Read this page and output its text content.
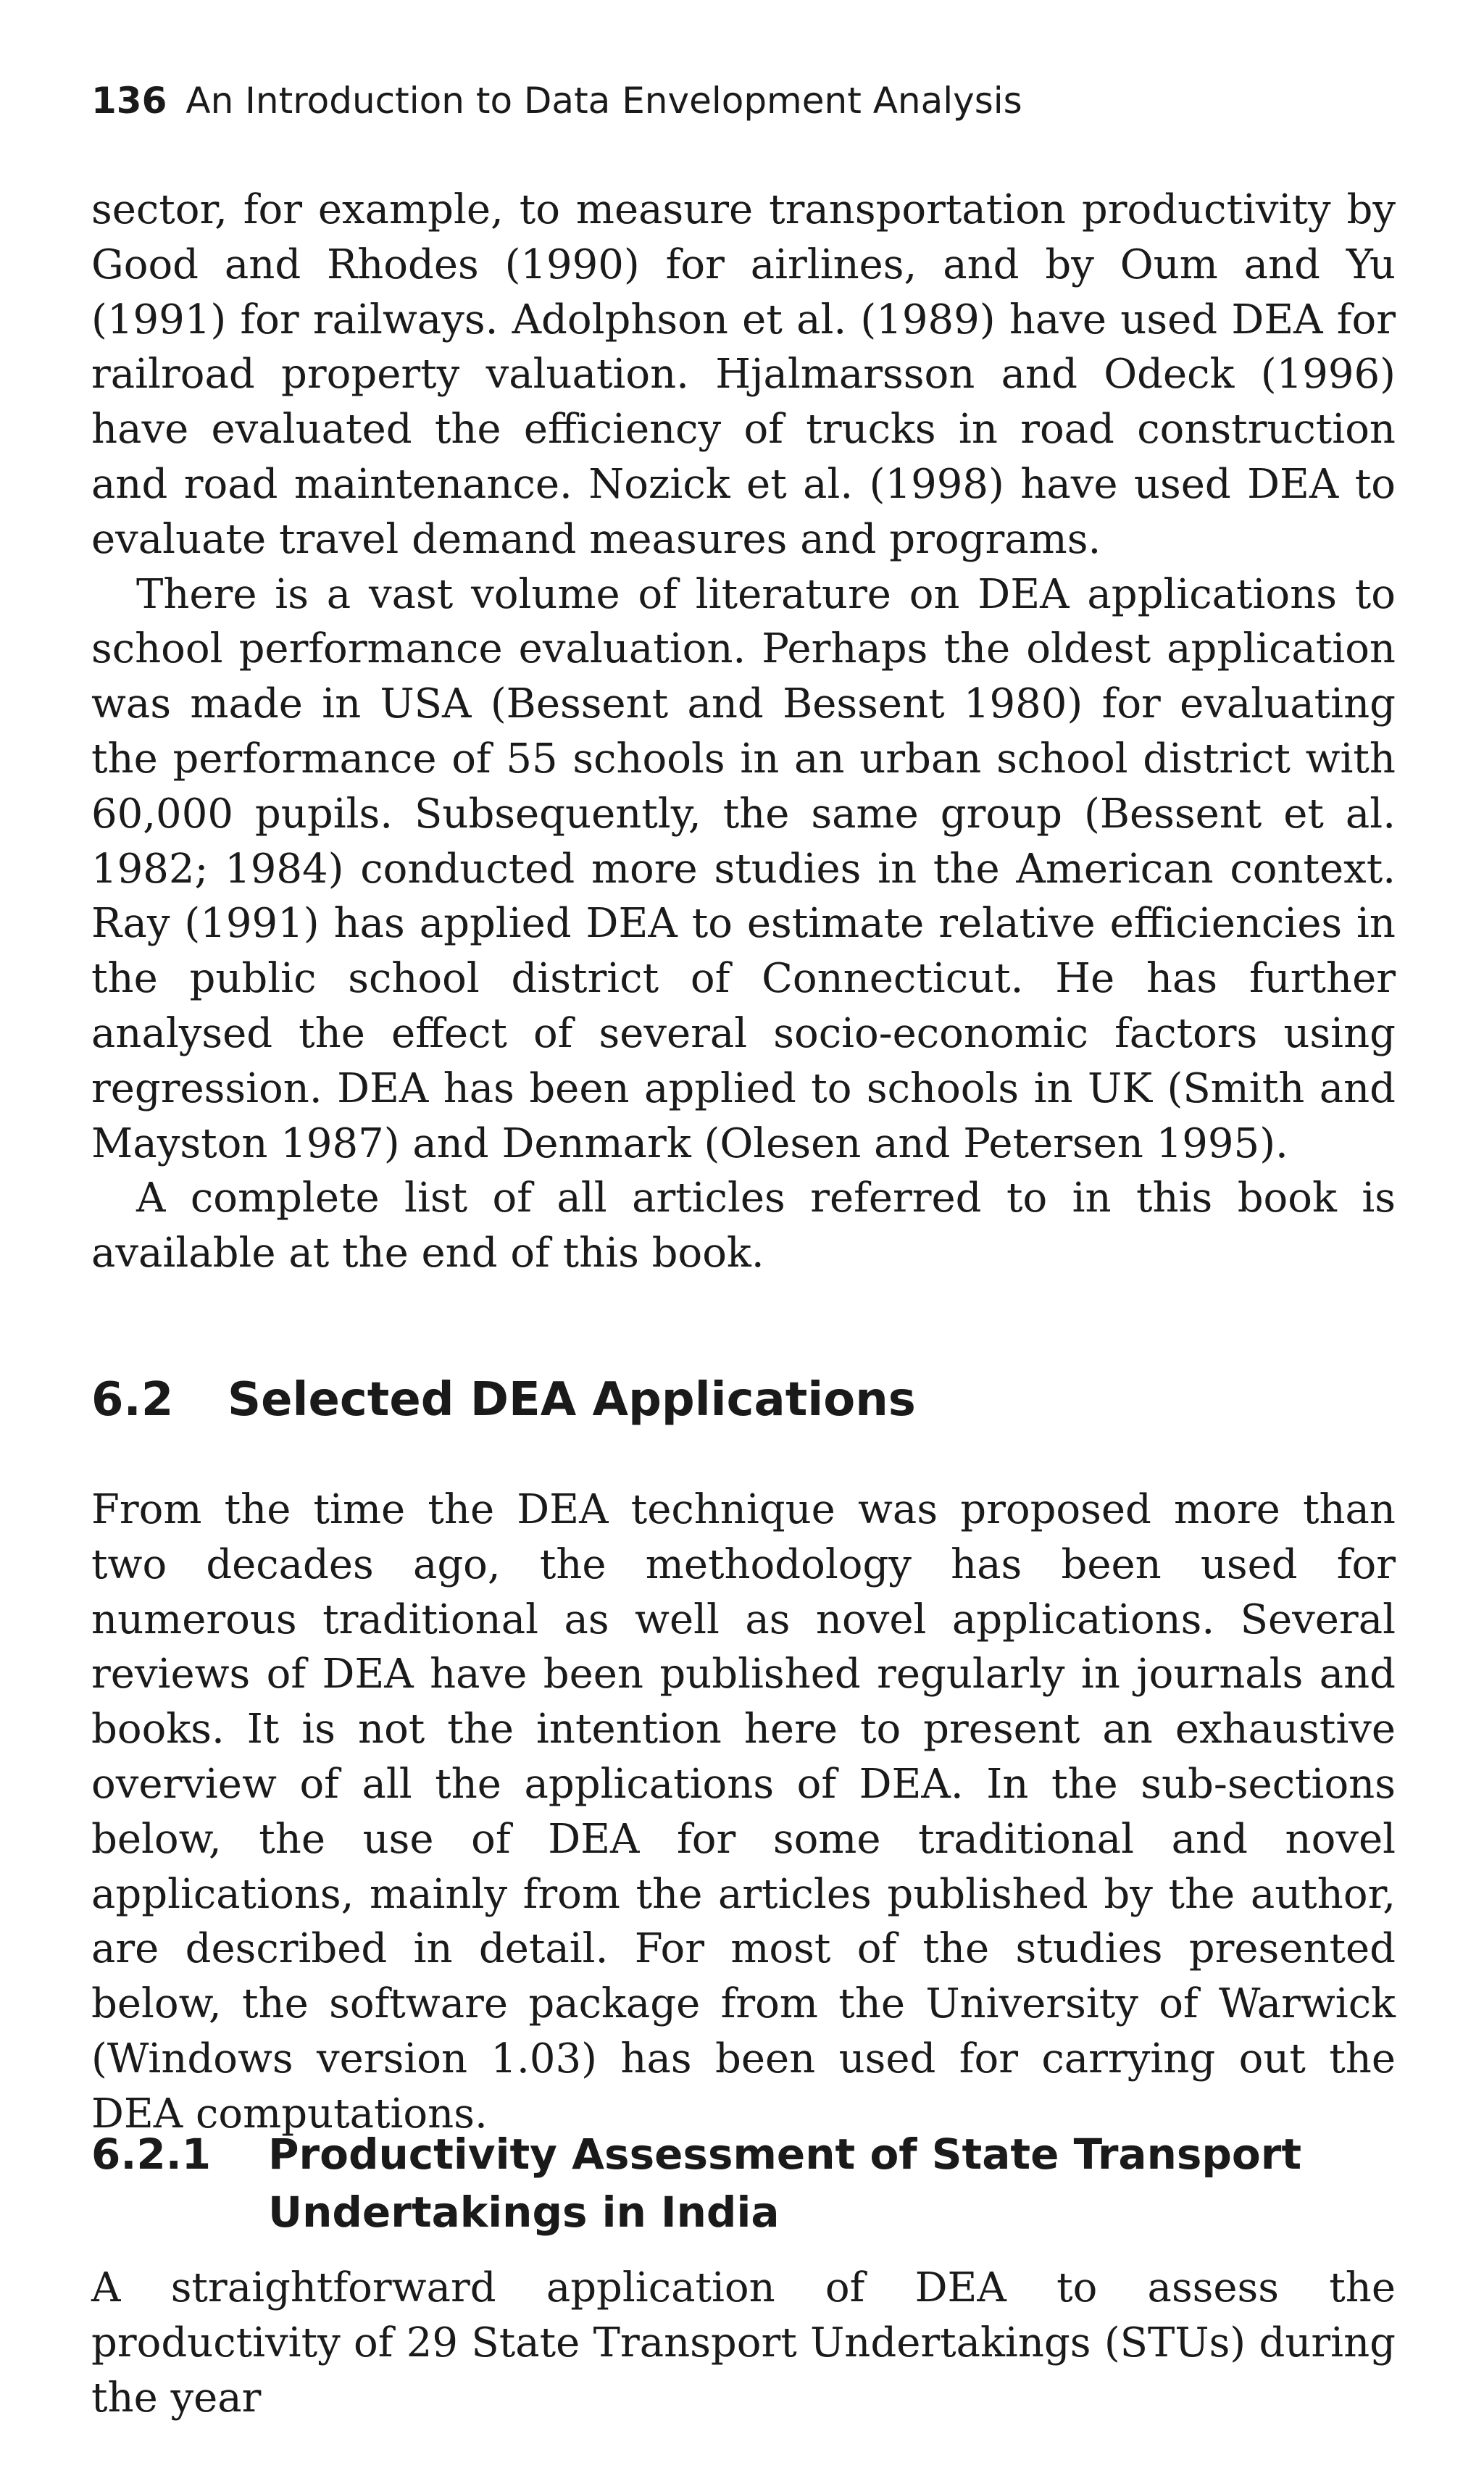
136 An Introduction to Data Envelopment Analysis

sector, for example, to measure transportation productivity by Good and Rhodes (1990) for airlines, and by Oum and Yu (1991) for railways. Adolphson et al. (1989) have used DEA for railroad property valuation. Hjalmarsson and Odeck (1996) have evaluated the efficiency of trucks in road construction and road maintenance. Nozick et al. (1998) have used DEA to evaluate travel demand measures and programs.

There is a vast volume of literature on DEA applications to school performance evaluation. Perhaps the oldest application was made in USA (Bessent and Bessent 1980) for evaluating the performance of 55 schools in an urban school district with 60,000 pupils. Subsequently, the same group (Bessent et al. 1982; 1984) conducted more studies in the American context. Ray (1991) has applied DEA to estimate relative efficiencies in the public school district of Connecticut. He has further analysed the effect of several socio-economic factors using regression. DEA has been applied to schools in UK (Smith and Mayston 1987) and Denmark (Olesen and Petersen 1995).

A complete list of all articles referred to in this book is available at the end of this book.

6.2 Selected DEA Applications

From the time the DEA technique was proposed more than two decades ago, the methodology has been used for numerous traditional as well as novel applications. Several reviews of DEA have been published regularly in journals and books. It is not the intention here to present an exhaustive overview of all the applications of DEA. In the sub-sections below, the use of DEA for some traditional and novel applications, mainly from the articles published by the author, are described in detail. For most of the studies presented below, the software package from the University of Warwick (Windows version 1.03) has been used for carrying out the DEA computations.

6.2.1	Productivity Assessment of State Transport Undertakings in India

A straightforward application of DEA to assess the productivity of 29 State Transport Undertakings (STUs) during the year
